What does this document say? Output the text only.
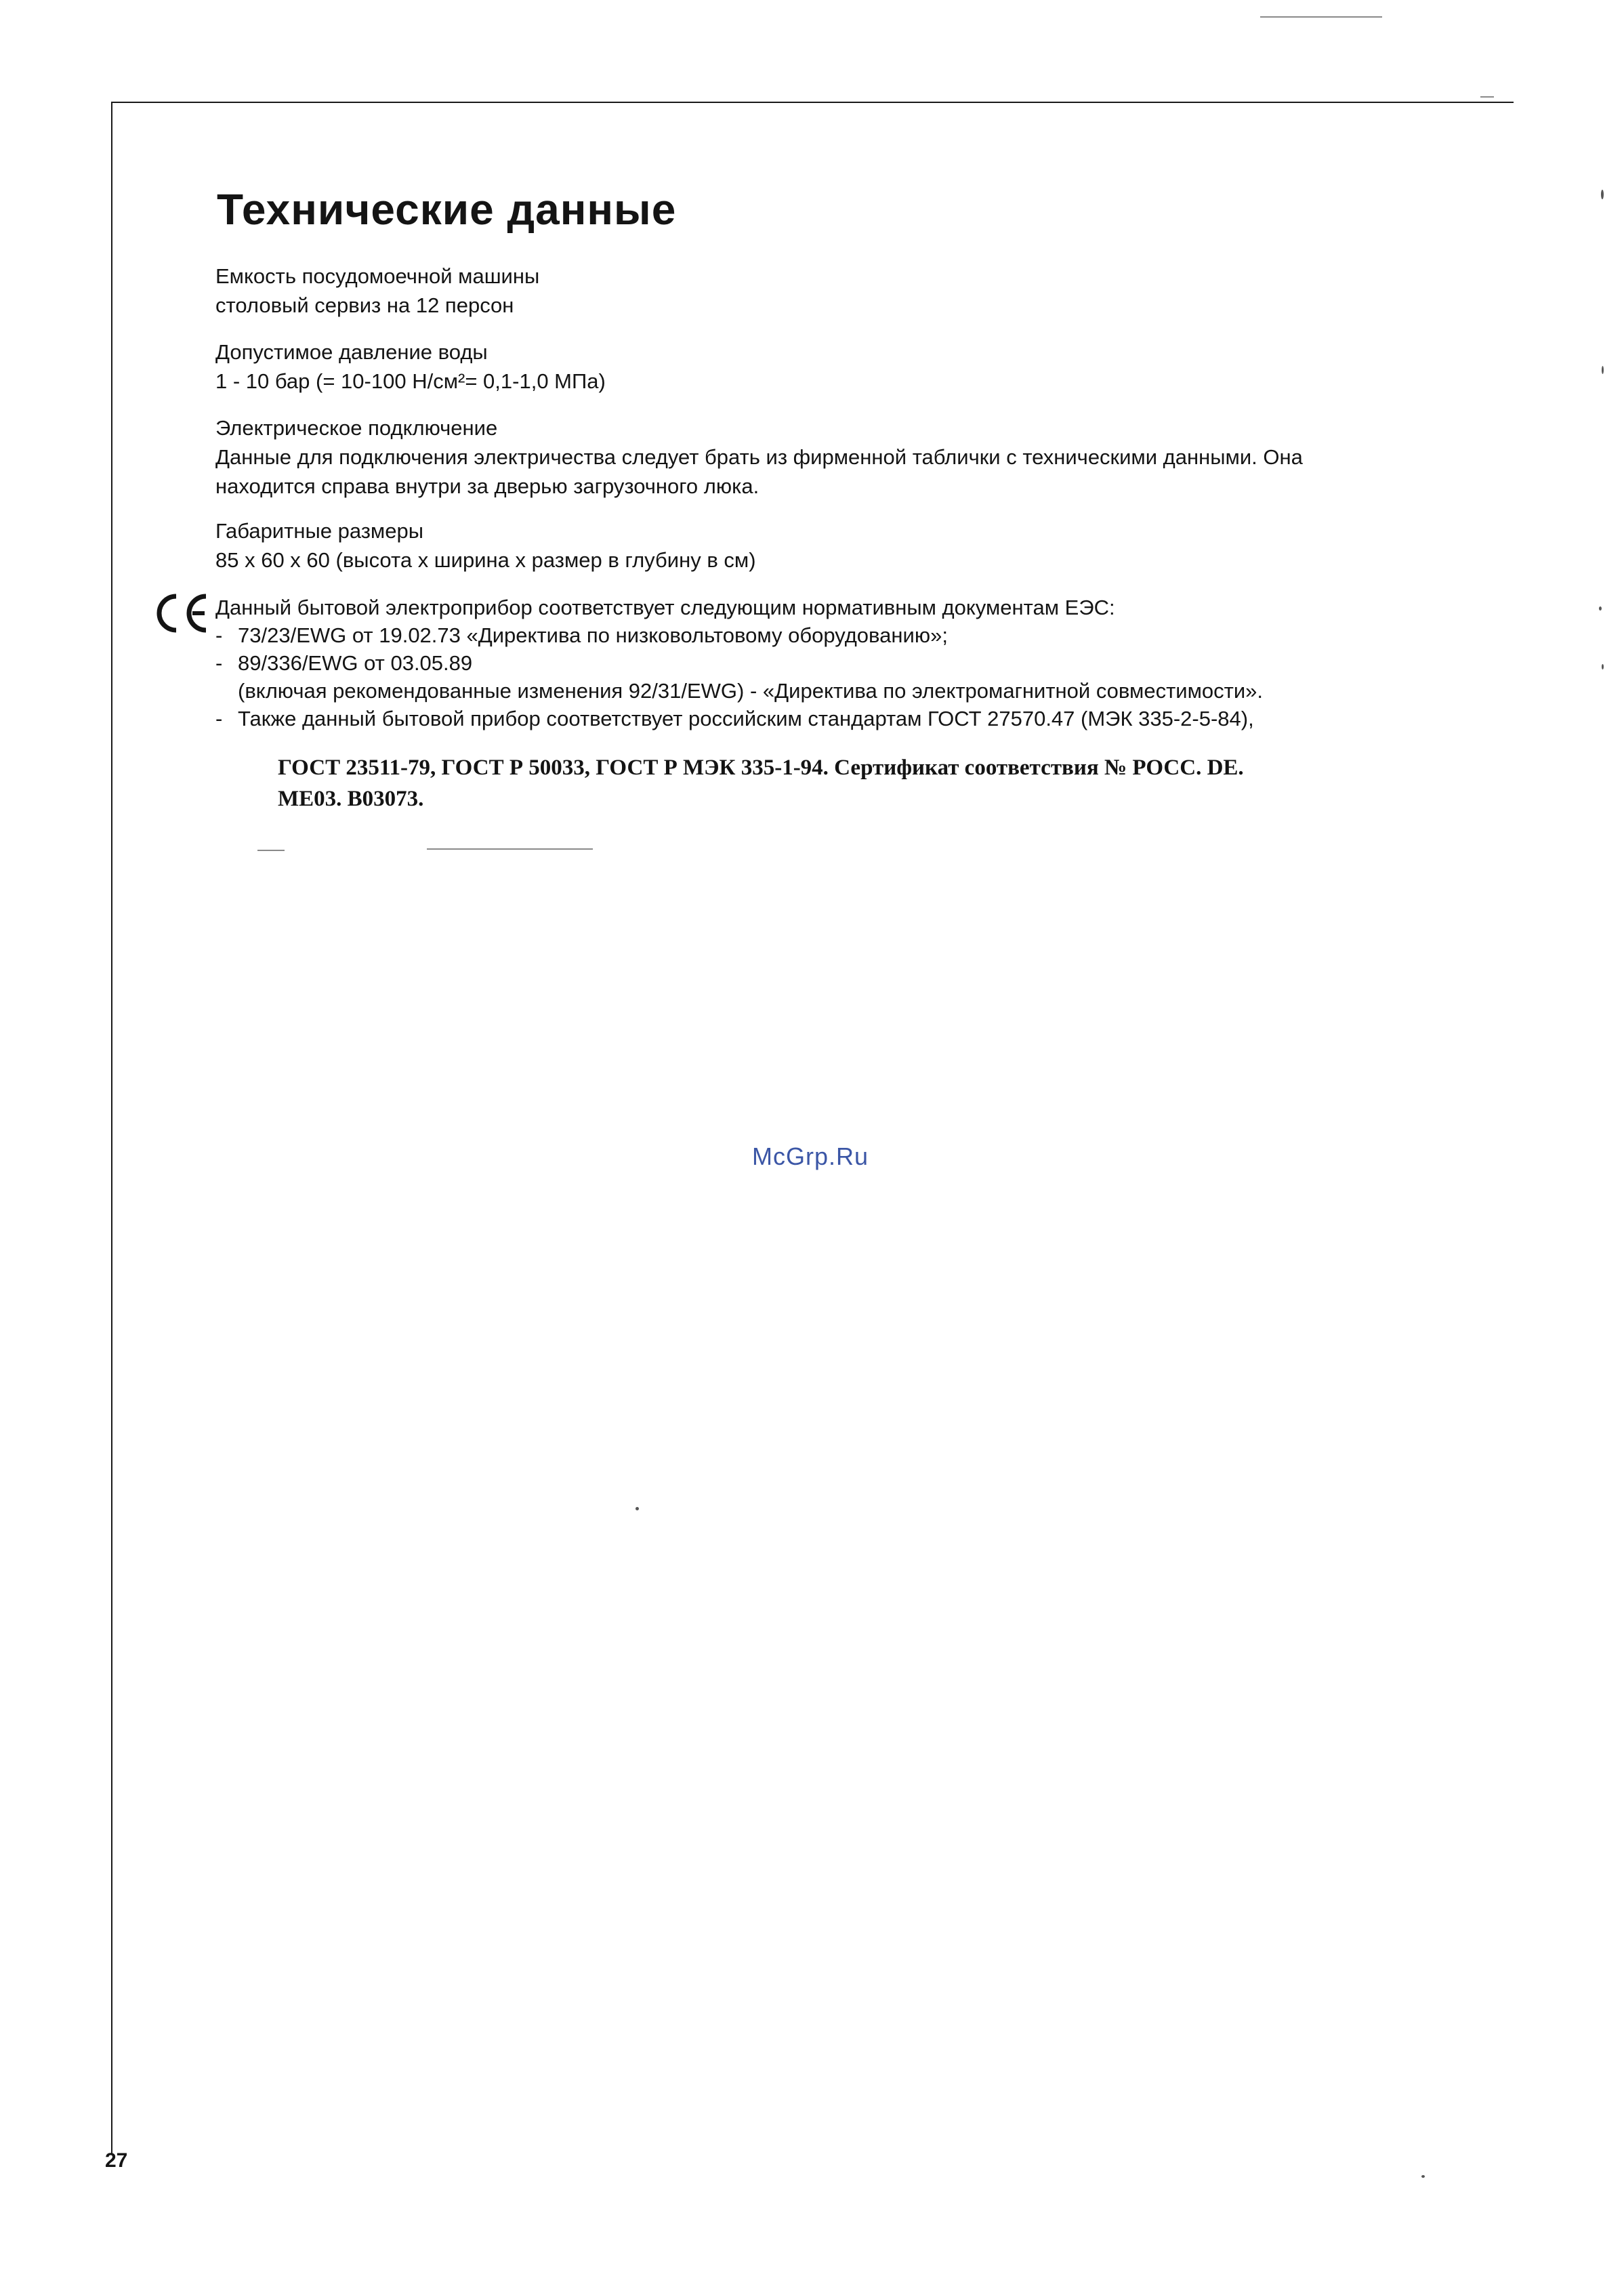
Технические данные

Емкость посудомоечной машины

столовый сервиз на 12 персон

Допустимое давление воды

1 - 10 бар (= 10-100 Н/см²= 0,1-1,0 МПа)

Электрическое подключение

Данные для подключения электричества следует брать из фирменной таблички с техническими данными. Она

находится справа внутри за дверью загрузочного люка.

Габаритные размеры

85 х 60 х 60 (высота х ширина х размер в глубину в см)

Данный бытовой электроприбор соответствует следующим нормативным документам ЕЭС:

- 73/23/EWG от 19.02.73 «Директива по низковольтовому оборудованию»;
- 89/336/EWG от 03.05.89
(включая рекомендованные изменения 92/31/EWG) - «Директива по электромагнитной совместимости».
- Также данный бытовой прибор соответствует российским стандартам ГОСТ 27570.47 (МЭК 335-2-5-84),

ГОСТ 23511-79, ГОСТ Р 50033, ГОСТ Р МЭК 335-1-94. Сертификат соответствия № РОСС. DE.

ME03. B03073.

McGrp.Ru
27
